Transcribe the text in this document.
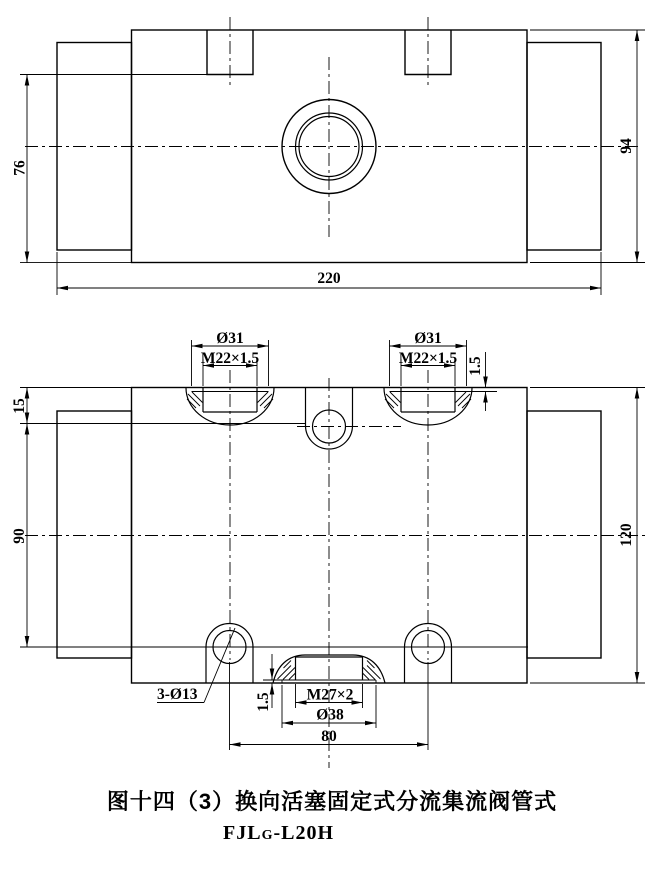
76
94
220
Ø31	Ø31
M22×1.5	M22×1.5 1.5
15
90	120
3-Ø13	1.5 M27×2
Ø38
80
图十四（3）换向活塞固定式分流集流阀管式
FJLG-L20H
